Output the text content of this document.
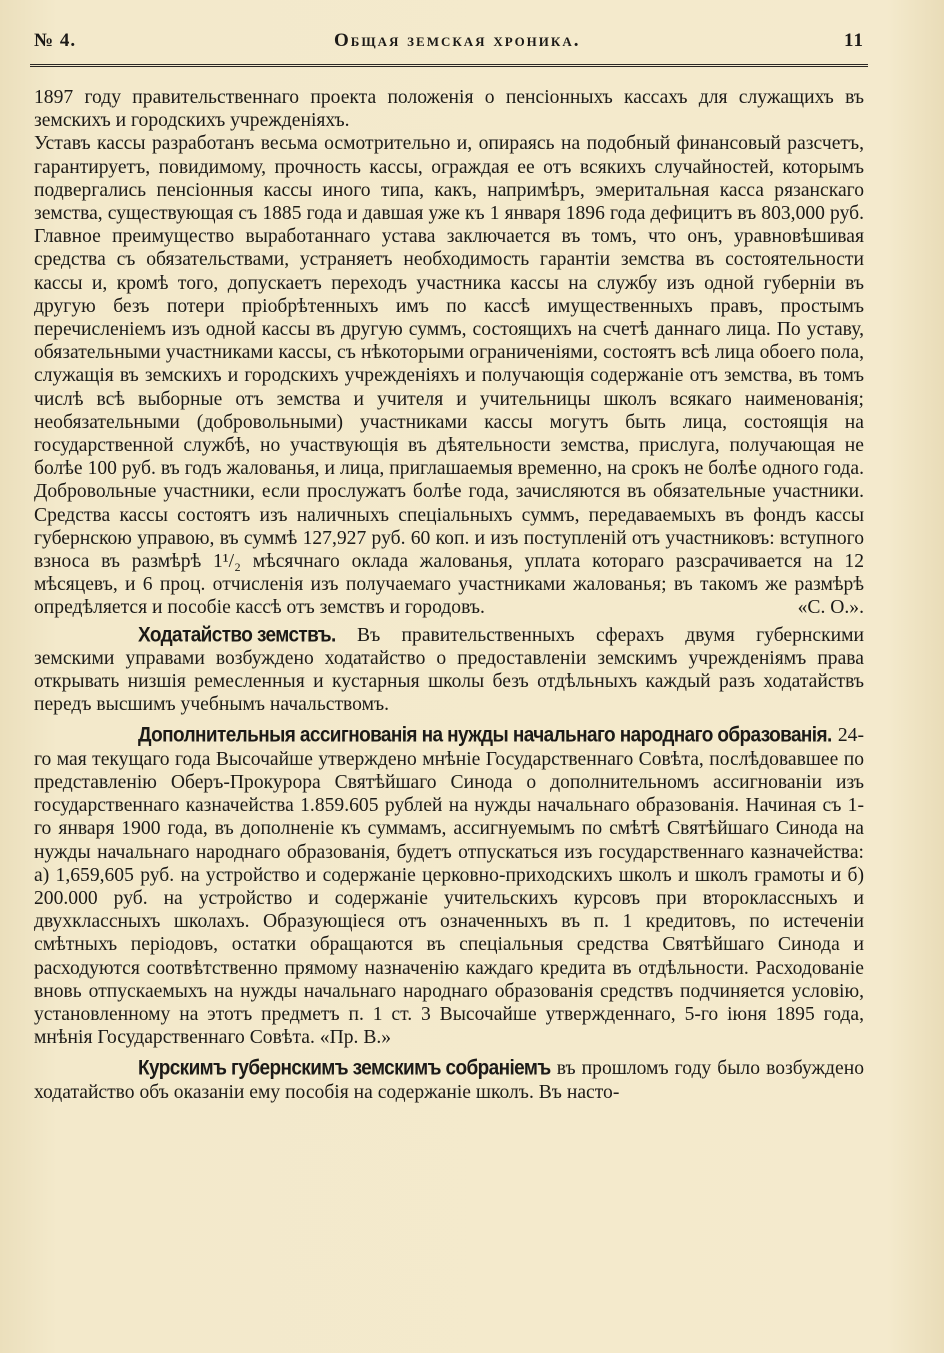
№ 4.	Общая земская хроника.	11

1897 году правительственнаго проекта положенія о пенсіонныхъ кассахъ для служащихъ въ земскихъ и городскихъ учрежденіяхъ.

Уставъ кассы разработанъ весьма осмотрительно и, опираясь на подобный финансовый разсчетъ, гарантируетъ, повидимому, прочность кассы, ограждая ее отъ всякихъ случайностей, которымъ подвергались пенсіонныя кассы иного типа, какъ, напримѣръ, эмеритальная касса рязанскаго земства, существующая съ 1885 года и давшая уже къ 1 января 1896 года дефицитъ въ 803,000 руб. Главное преимущество выработаннаго устава заключается въ томъ, что онъ, уравновѣшивая средства съ обязательствами, устраняетъ необходимость гарантіи земства въ состоятельности кассы и, кромѣ того, допускаетъ переходъ участника кассы на службу изъ одной губерніи въ другую безъ потери пріобрѣтенныхъ имъ по кассѣ имущественныхъ правъ, простымъ перечисленіемъ изъ одной кассы въ другую суммъ, состоящихъ на счетѣ даннаго лица. По уставу, обязательными участниками кассы, съ нѣкоторыми ограниченіями, состоятъ всѣ лица обоего пола, служащія въ земскихъ и городскихъ учрежденіяхъ и получающія содержаніе отъ земства, въ томъ числѣ всѣ выборные отъ земства и учителя и учительницы школъ всякаго наименованія; необязательными (добровольными) участниками кассы могутъ быть лица, состоящія на государственной службѣ, но участвующія въ дѣятельности земства, прислуга, получающая не болѣе 100 руб. въ годъ жалованья, и лица, приглашаемыя временно, на срокъ не болѣе одного года. Добровольные участники, если прослужатъ болѣе года, зачисляются въ обязательные участники. Средства кассы состоятъ изъ наличныхъ спеціальныхъ суммъ, передаваемыхъ въ фондъ кассы губернскою управою, въ суммѣ 127,927 руб. 60 коп. и изъ поступленій отъ участниковъ: вступного взноса въ размѣрѣ 1¹/₂ мѣсячнаго оклада жалованья, уплата котораго разсрачивается на 12 мѣсяцевъ, и 6 проц. отчисленія изъ получаемаго участниками жалованья; въ такомъ же размѣрѣ опредѣляется и пособіе кассѣ отъ земствъ и городовъ.	«С. О.».

Ходатайство земствъ. Въ правительственныхъ сферахъ двумя губернскими земскими управами возбуждено ходатайство о предоставленіи земскимъ учрежденіямъ права открывать низшія ремесленныя и кустарныя школы безъ отдѣльныхъ каждый разъ ходатайствъ передъ высшимъ учебнымъ начальствомъ.

Дополнительныя ассигнованія на нужды начальнаго народнаго образованія. 24-го мая текущаго года Высочайше утверждено мнѣніе Государственнаго Совѣта, послѣдовавшее по представленію Оберъ-Прокурора Святѣйшаго Синода о дополнительномъ ассигнованіи изъ государственнаго казначейства 1.859.605 рублей на нужды начальнаго образованія. Начиная съ 1-го января 1900 года, въ дополненіе къ суммамъ, ассигнуемымъ по смѣтѣ Святѣйшаго Синода на нужды начальнаго народнаго образованія, будетъ отпускаться изъ государственнаго казначейства: а) 1,659,605 руб. на устройство и содержаніе церковно-приходскихъ школъ и школъ грамоты и б) 200.000 руб. на устройство и содержаніе учительскихъ курсовъ при второклассныхъ и двухклассныхъ школахъ. Образующіеся отъ означенныхъ въ п. 1 кредитовъ, по истеченіи смѣтныхъ періодовъ, остатки обращаются въ спеціальныя средства Святѣйшаго Синода и расходуются соотвѣтственно прямому назначенію каждаго кредита въ отдѣльности. Расходованіе вновь отпускаемыхъ на нужды начальнаго народнаго образованія средствъ подчиняется условію, установленному на этотъ предметъ п. 1 ст. 3 Высочайше утвержденнаго, 5-го іюня 1895 года, мнѣнія Государственнаго Совѣта. «Пр. В.»

Курскимъ губернскимъ земскимъ собраніемъ въ прошломъ году было возбуждено ходатайство объ оказаніи ему пособія на содержаніе школъ. Въ насто-
